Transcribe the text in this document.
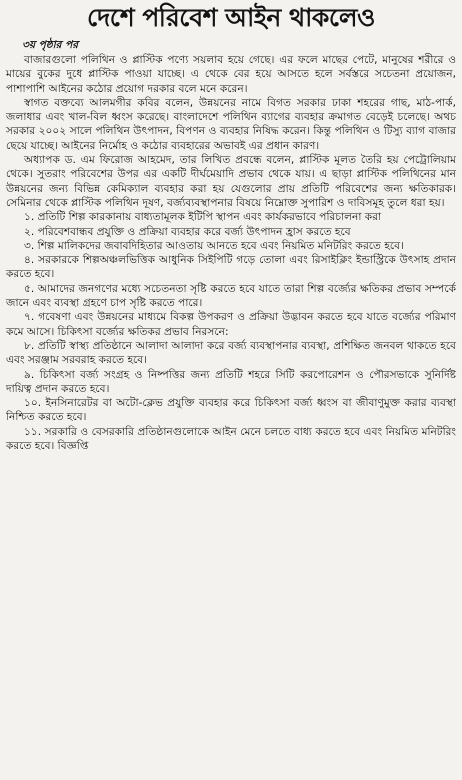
দেশে পরিবেশ আইন থাকলেও
৩য় পৃষ্ঠার পর

বাজারগুলো পলিথিন ও প্লাস্টিক পণ্যে সয়লাব হয়ে গেছে। এর ফলে মাছের পেটে, মানুষের শরীরে ও মায়ের বুকের দুধে প্লাস্টিক পাওয়া যাচ্ছে। এ থেকে বের হয়ে আসতে হলে সর্বস্তরে সচেতনা প্রয়োজন, পাশাপাশি আইনের কঠোর প্রয়োগ দরকার বলে মনে করেন।

স্বাগত বক্তব্যে আলমগীর কবির বলেন, উন্নয়নের নামে বিগত সরকার ঢাকা শহরের গাছ, মাঠ-পার্ক, জলাধার এবং খাল-বিল ধ্বংস করেছে। বাংলাদেশে পলিথিন ব্যাগের ব্যবহার ক্রমাগত বেড়েই চলেছে। অথচ সরকার ২০০২ সালে পলিথিন উৎপাদন, বিপণন ও ব্যবহার নিষিদ্ধ করেন। কিন্তু পলিথিন ও টিস্যু ব্যাগ বাজার ছেয়ে যাচ্ছে। আইনের নির্মোহ ও কঠোর ব্যবহারের অভাবই এর প্রধান কারণ।

অধ্যাপক ড. এম ফিরোজ আহমেদ, তার লিখিত প্রবন্ধে বলেন, প্লাস্টিক মূলত তৈরি হয় পেট্রোলিয়াম থেকে। সুতরাং পরিবেশের উপর এর একটি দীর্ঘমেয়াদি প্রভাব থেকে যায়। এ ছাড়া প্লাস্টিক পলিথিনের মান উন্নয়নের জন্য বিভিন্ন কেমিক্যাল ব্যবহার করা হয় যেগুলোর প্রায় প্রতিটি পরিবেশের জন্য ক্ষতিকারক। সেমিনার থেকে প্লাস্টিক পলিথিন দূষণ, বর্জ্যব্যবস্থাপনার বিষয়ে নিম্নোক্ত সুপারিশ ও দাবিসমূহ তুলে ধরা হয়।

১. প্রতিটি শিল্প কারকানায় বাধ্যতামূলক ইটিপি স্থাপন এবং কার্যকরভাবে পরিচালনা করা
২. পরিবেশবান্ধব প্রযুক্তি ও প্রক্রিয়া ব্যবহার করে বর্জ্য উৎপাদন হ্রাস করতে হবে
৩. শিল্প মালিকদের জবাবদিহিতার আওতায় আনতে হবে এবং নিয়মিত মনিটরিং করতে হবে।
৪. সরকারকে শিল্পঅঞ্চলভিত্তিক আধুনিক সিইপিটি গড়ে তোলা এবং রিসাইক্লিং ইন্ডাস্ট্রিকে উৎসাহ প্রদান করতে হবে।
৫. আমাদের জনগণের মধ্যে সচেতনতা সৃষ্টি করতে হবে যাতে তারা শিল্প বর্জ্যের ক্ষতিকর প্রভাব সম্পর্কে জানে এবং ব্যবস্থা গ্রহণে চাপ সৃষ্টি করতে পারে।
৭. গবেষণা এবং উন্নয়নের মাধ্যমে বিকল্প উপকরণ ও প্রক্রিয়া উদ্ভাবন করতে হবে যাতে বর্জ্যের পরিমাণ কমে আসে। চিকিৎসা বর্জ্যের ক্ষতিকর প্রভাব নিরসনে:
৮. প্রতিটি স্বাস্থ্য প্রতিষ্ঠানে আলাদা আলাদা করে বর্জ্য ব্যবস্থাপনার ব্যবস্থা, প্রশিক্ষিত জনবল থাকতে হবে এবং সরঞ্জাম সরবরাহ করতে হবে।
৯. চিকিৎসা বর্জ্য সংগ্রহ ও নিষ্পত্তির জন্য প্রতিটি শহরে সিটি করপোরেশন ও পৌরসভাকে সুনির্দিষ্ট দায়িত্ব প্রদান করতে হবে।
১০. ইনসিনারেটর বা অটো-ক্লেভ প্রযুক্তি ব্যবহার করে চিকিৎসা বর্জ্য ধ্বংস বা জীবাণুমুক্ত করার ব্যবস্থা নিশ্চিত করতে হবে।
১১. সরকারি ও বেসরকারি প্রতিষ্ঠানগুলোকে আইন মেনে চলতে বাধ্য করতে হবে এবং নিয়মিত মনিটরিং করতে হবে। বিজ্ঞপ্তি
